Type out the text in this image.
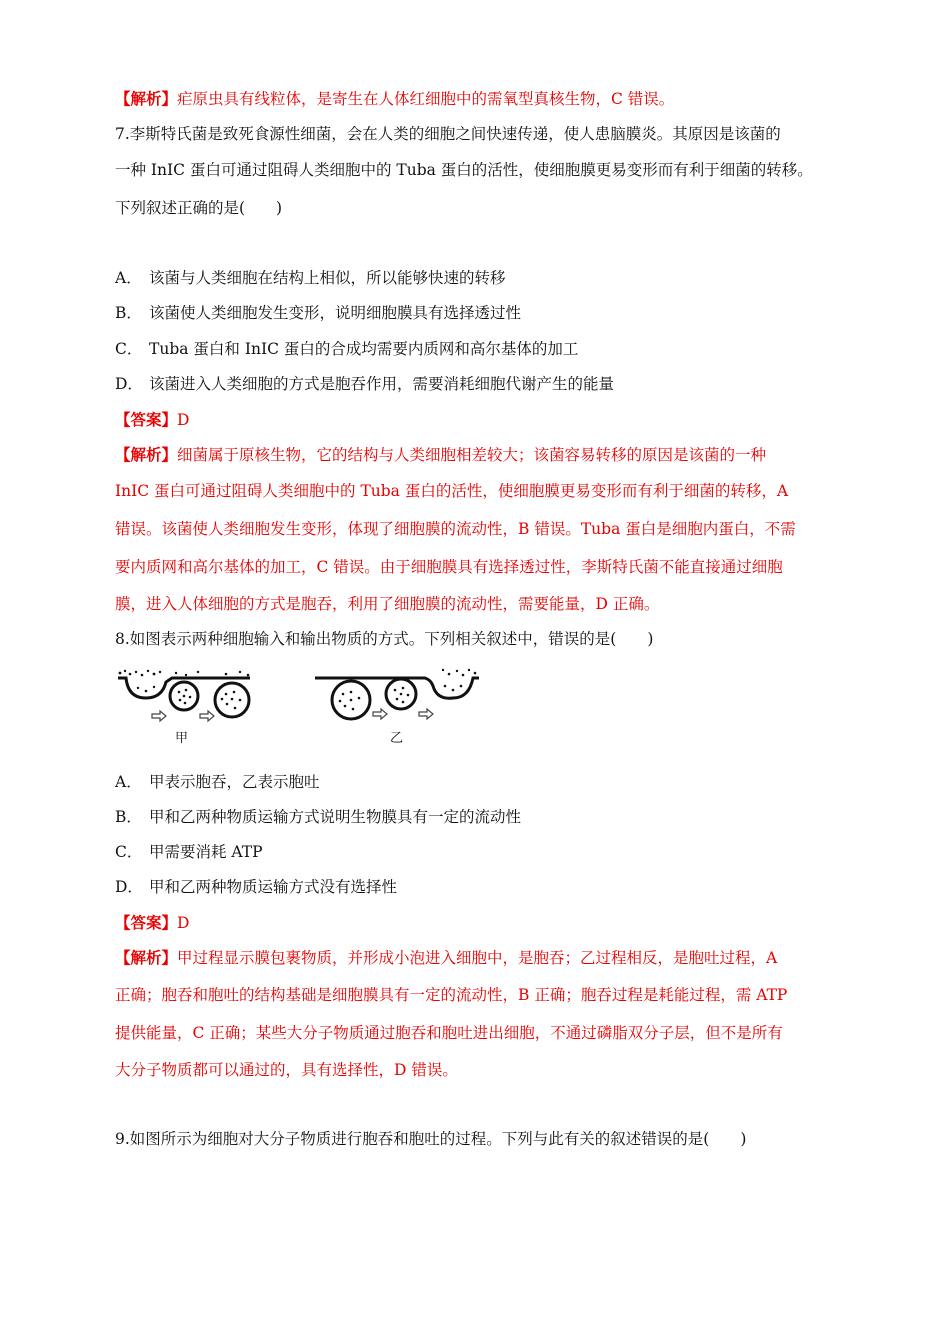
【解析】疟原虫具有线粒体，是寄生在人体红细胞中的需氧型真核生物，C 错误。
7.李斯特氏菌是致死食源性细菌，会在人类的细胞之间快速传递，使人患脑膜炎。其原因是该菌的
一种 InIC 蛋白可通过阻碍人类细胞中的 Tuba 蛋白的活性，使细胞膜更易变形而有利于细菌的转移。
下列叙述正确的是(　　)
A． 该菌与人类细胞在结构上相似，所以能够快速的转移
B． 该菌使人类细胞发生变形，说明细胞膜具有选择透过性
C． Tuba 蛋白和 InIC 蛋白的合成均需要内质网和高尔基体的加工
D． 该菌进入人类细胞的方式是胞吞作用，需要消耗细胞代谢产生的能量
【答案】D
【解析】细菌属于原核生物，它的结构与人类细胞相差较大；该菌容易转移的原因是该菌的一种
InIC 蛋白可通过阻碍人类细胞中的 Tuba 蛋白的活性，使细胞膜更易变形而有利于细菌的转移，A
错误。该菌使人类细胞发生变形，体现了细胞膜的流动性，B 错误。Tuba 蛋白是细胞内蛋白，不需
要内质网和高尔基体的加工，C 错误。由于细胞膜具有选择透过性，李斯特氏菌不能直接通过细胞
膜，进入人体细胞的方式是胞吞，利用了细胞膜的流动性，需要能量，D 正确。
8.如图表示两种细胞输入和输出物质的方式。下列相关叙述中，错误的是(　　)
甲	乙
A． 甲表示胞吞，乙表示胞吐
B． 甲和乙两种物质运输方式说明生物膜具有一定的流动性
C． 甲需要消耗 ATP
D． 甲和乙两种物质运输方式没有选择性
【答案】D
【解析】甲过程显示膜包裹物质，并形成小泡进入细胞中，是胞吞；乙过程相反，是胞吐过程，A
正确；胞吞和胞吐的结构基础是细胞膜具有一定的流动性，B 正确；胞吞过程是耗能过程，需 ATP
提供能量，C 正确；某些大分子物质通过胞吞和胞吐进出细胞，不通过磷脂双分子层，但不是所有
大分子物质都可以通过的，具有选择性，D 错误。
9.如图所示为细胞对大分子物质进行胞吞和胞吐的过程。下列与此有关的叙述错误的是(　　)
